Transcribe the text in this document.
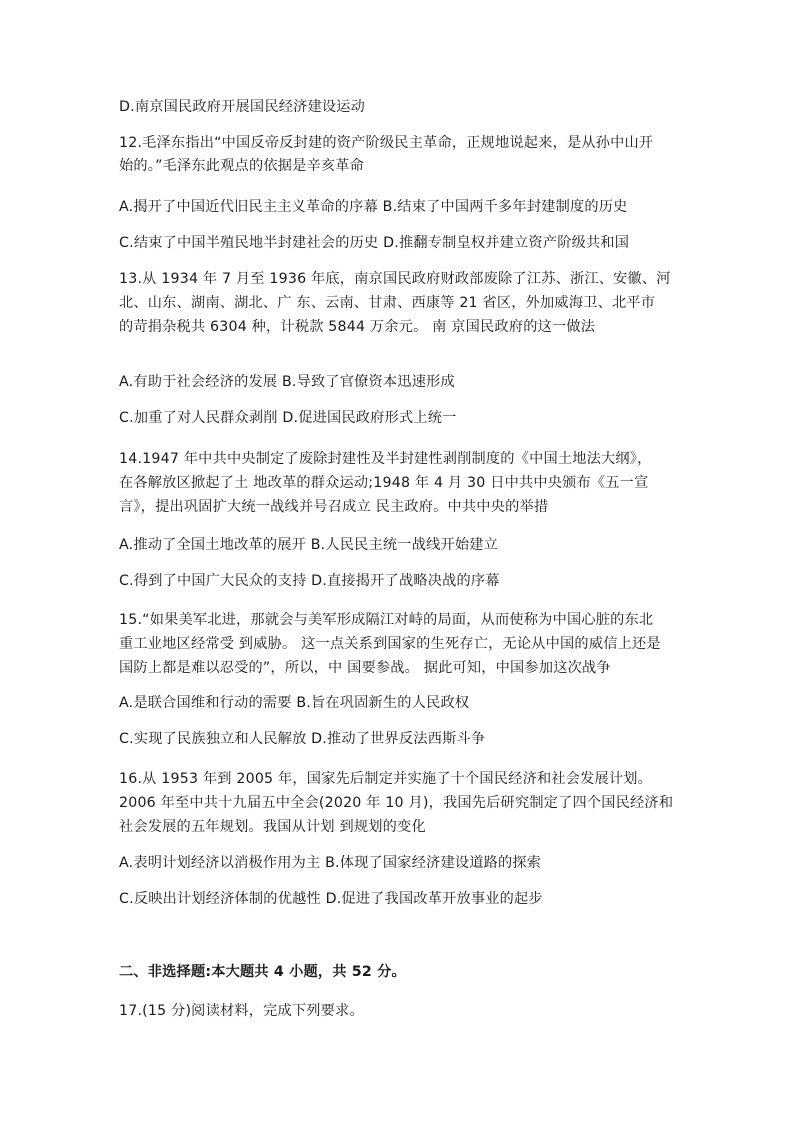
D.南京国民政府开展国民经济建设运动
12.毛泽东指出“中国反帝反封建的资产阶级民主革命，正规地说起来，是从孙中山开
始的。”毛泽东此观点的依据是辛亥革命
A.揭开了中国近代旧民主主义革命的序幕 B.结束了中国两千多年封建制度的历史
C.结束了中国半殖民地半封建社会的历史 D.推翻专制皇权并建立资产阶级共和国
13.从 1934 年 7 月至 1936 年底，南京国民政府财政部废除了江苏、浙江、安徽、河
北、山东、湖南、湖北、广 东、云南、甘肃、西康等 21 省区，外加威海卫、北平市
的苛捐杂税共 6304 种，计税款 5844 万余元。 南 京国民政府的这一做法
A.有助于社会经济的发展 B.导致了官僚资本迅速形成
C.加重了对人民群众剥削 D.促进国民政府形式上统一
14.1947 年中共中央制定了废除封建性及半封建性剥削制度的《中国土地法大纲》，
在各解放区掀起了土 地改革的群众运动;1948 年 4 月 30 日中共中央颁布《五一宣
言》，提出巩固扩大统一战线并号召成立 民主政府。中共中央的举措
A.推动了全国土地改革的展开 B.人民民主统一战线开始建立
C.得到了中国广大民众的支持 D.直接揭开了战略决战的序幕
15.“如果美军北进，那就会与美军形成隔江对峙的局面，从而使称为中国心脏的东北
重工业地区经常受 到威胁。 这一点关系到国家的生死存亡，无论从中国的威信上还是
国防上都是难以忍受的”，所以，中 国要参战。 据此可知，中国参加这次战争
A.是联合国维和行动的需要 B.旨在巩固新生的人民政权
C.实现了民族独立和人民解放 D.推动了世界反法西斯斗争
16.从 1953 年到 2005 年，国家先后制定并实施了十个国民经济和社会发展计划。
2006 年至中共十九届五中全会(2020 年 10 月)，我国先后研究制定了四个国民经济和
社会发展的五年规划。我国从计划 到规划的变化
A.表明计划经济以消极作用为主 B.体现了国家经济建设道路的探索
C.反映出计划经济体制的优越性 D.促进了我国改革开放事业的起步
二、非选择题:本大题共 4 小题，共 52 分。
17.(15 分)阅读材料，完成下列要求。
